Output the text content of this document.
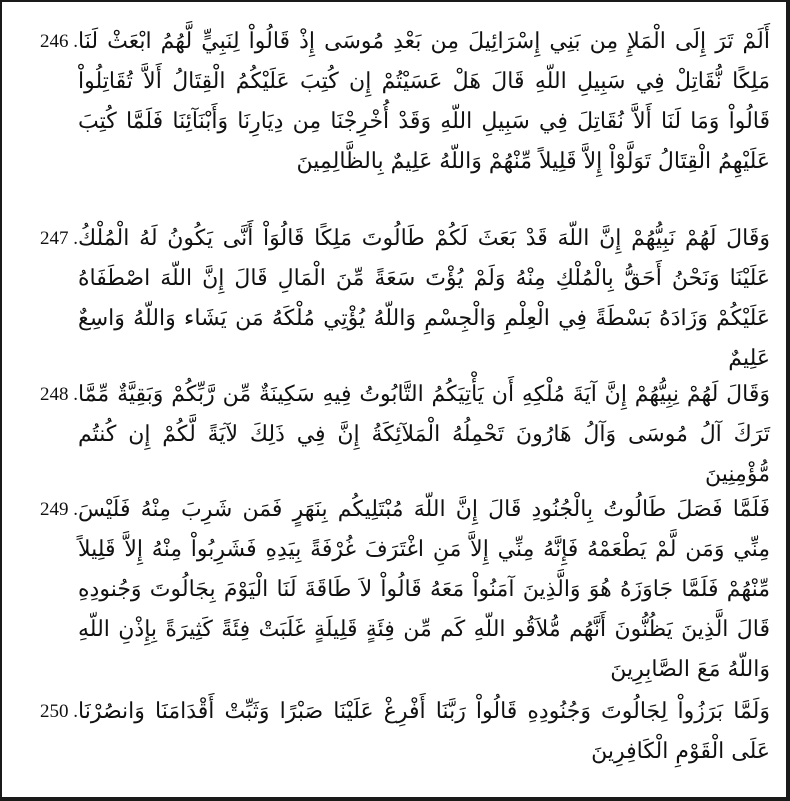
246 . أَلَمْ تَرَ إِلَى الْمَلإِ مِن بَنِي إِسْرَائِيلَ مِن بَعْدِ مُوسَى إِذْ قَالُواْ لِنَبِيٍّ لَّهُمُ ابْعَثْ لَنَا مَلِكًا نُّقَاتِلْ فِي سَبِيلِ اللّهِ قَالَ هَلْ عَسَيْتُمْ إِن كُتِبَ عَلَيْكُمُ الْقِتَالُ أَلاَّ تُقَاتِلُواْ قَالُواْ وَمَا لَنَا أَلاَّ نُقَاتِلَ فِي سَبِيلِ اللّهِ وَقَدْ أُخْرِجْنَا مِن دِيَارِنَا وَأَبْنَآئِنَا فَلَمَّا كُتِبَ عَلَيْهِمُ الْقِتَالُ تَوَلَّوْاْ إِلاَّ قَلِيلاً مِّنْهُمْ وَاللّهُ عَلِيمٌ بِالظَّالِمِينَ

247 . وَقَالَ لَهُمْ نَبِيُّهُمْ إِنَّ اللّهَ قَدْ بَعَثَ لَكُمْ طَالُوتَ مَلِكًا قَالُوَاْ أَنَّى يَكُونُ لَهُ الْمُلْكُ عَلَيْنَا وَنَحْنُ أَحَقُّ بِالْمُلْكِ مِنْهُ وَلَمْ يُؤْتَ سَعَةً مِّنَ الْمَالِ قَالَ إِنَّ اللّهَ اصْطَفَاهُ عَلَيْكُمْ وَزَادَهُ بَسْطَةً فِي الْعِلْمِ وَالْجِسْمِ وَاللّهُ يُؤْتِي مُلْكَهُ مَن يَشَاء وَاللّهُ وَاسِعٌ عَلِيمٌ

248 . وَقَالَ لَهُمْ نِبِيُّهُمْ إِنَّ آيَةَ مُلْكِهِ أَن يَأْتِيَكُمُ التَّابُوتُ فِيهِ سَكِينَةٌ مِّن رَّبِّكُمْ وَبَقِيَّةٌ مِّمَّا تَرَكَ آلُ مُوسَى وَآلُ هَارُونَ تَحْمِلُهُ الْمَلآئِكَةُ إِنَّ فِي ذَلِكَ لآيَةً لَّكُمْ إِن كُنتُم مُّؤْمِنِينَ

249 . فَلَمَّا فَصَلَ طَالُوتُ بِالْجُنُودِ قَالَ إِنَّ اللّهَ مُبْتَلِيكُم بِنَهَرٍ فَمَن شَرِبَ مِنْهُ فَلَيْسَ مِنِّي وَمَن لَّمْ يَطْعَمْهُ فَإِنَّهُ مِنِّي إِلاَّ مَنِ اغْتَرَفَ غُرْفَةً بِيَدِهِ فَشَرِبُواْ مِنْهُ إِلاَّ قَلِيلاً مِّنْهُمْ فَلَمَّا جَاوَزَهُ هُوَ وَالَّذِينَ آمَنُواْ مَعَهُ قَالُواْ لاَ طَاقَةَ لَنَا الْيَوْمَ بِجَالُوتَ وَجُنودِهِ قَالَ الَّذِينَ يَظُنُّونَ أَنَّهُم مُّلاَقُو اللّهِ كَم مِّن فِئَةٍ قَلِيلَةٍ غَلَبَتْ فِئَةً كَثِيرَةً بِإِذْنِ اللّهِ وَاللّهُ مَعَ الصَّابِرِينَ

250 . وَلَمَّا بَرَزُواْ لِجَالُوتَ وَجُنُودِهِ قَالُواْ رَبَّنَا أَفْرِغْ عَلَيْنَا صَبْرًا وَثَبِّتْ أَقْدَامَنَا وَانصُرْنَا عَلَى الْقَوْمِ الْكَافِرِينَ
